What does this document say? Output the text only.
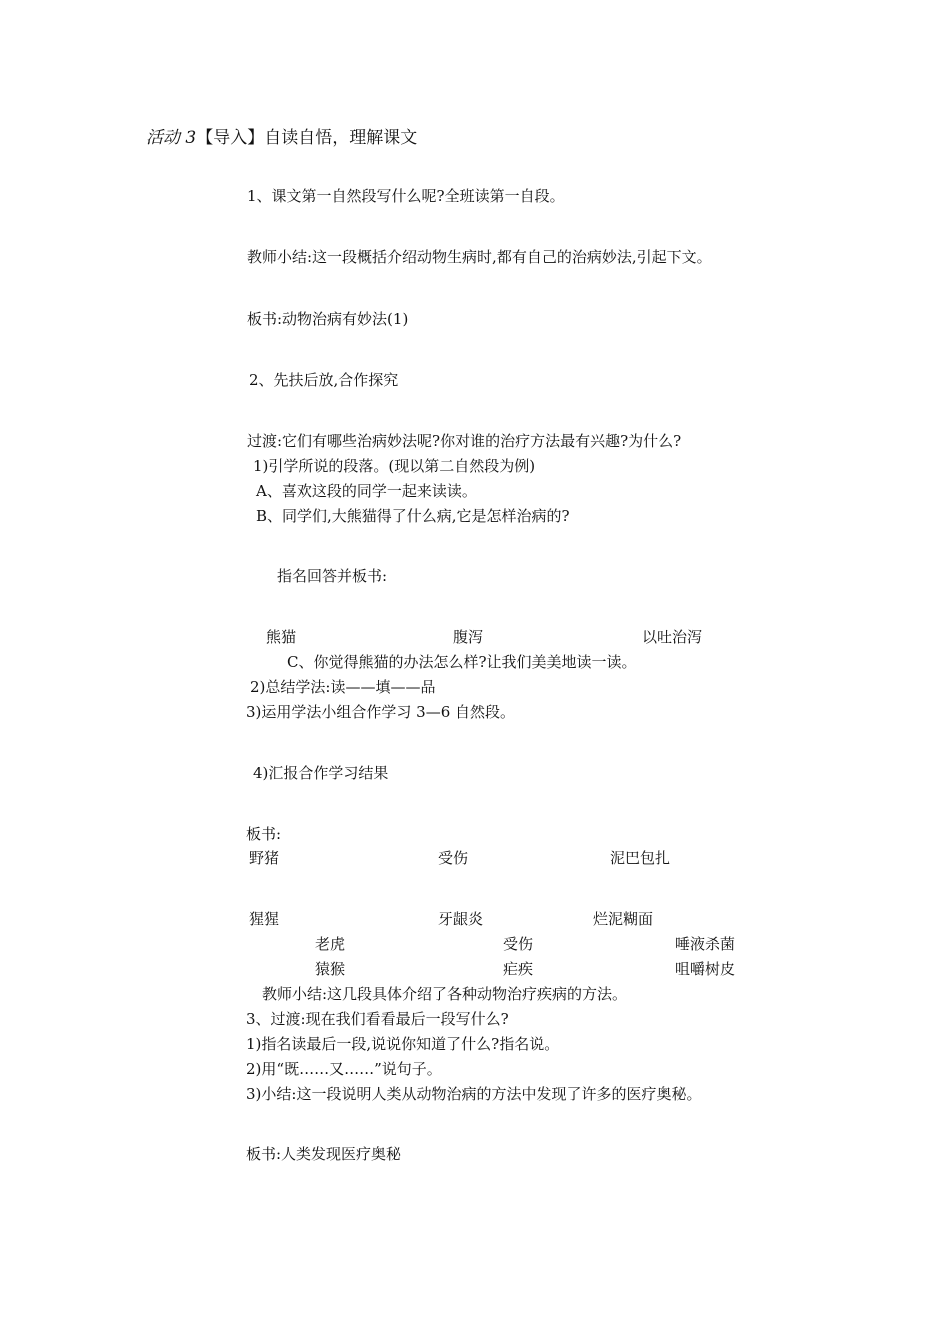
活动 3【导入】自读自悟，理解课文
1、课文第一自然段写什么呢?全班读第一自段。
教师小结:这一段概括介绍动物生病时,都有自己的治病妙法,引起下文。
板书:动物治病有妙法(1)
2、先扶后放,合作探究
过渡:它们有哪些治病妙法呢?你对谁的治疗方法最有兴趣?为什么?
1)引学所说的段落。(现以第二自然段为例)
A、喜欢这段的同学一起来读读。
B、同学们,大熊猫得了什么病,它是怎样治病的?
指名回答并板书:
熊猫	腹泻	以吐治泻
C、你觉得熊猫的办法怎么样?让我们美美地读一读。
2)总结学法:读——填——品
3)运用学法小组合作学习 3—6 自然段。
4)汇报合作学习结果
板书:
野猪	受伤	泥巴包扎
猩猩	牙龈炎	烂泥糊面
老虎	受伤	唾液杀菌
猿猴	疟疾	咀嚼树皮
教师小结:这几段具体介绍了各种动物治疗疾病的方法。
3、过渡:现在我们看看最后一段写什么?
1)指名读最后一段,说说你知道了什么?指名说。
2)用“既……又……”说句子。
3)小结:这一段说明人类从动物治病的方法中发现了许多的医疗奥秘。
板书:人类发现医疗奥秘
